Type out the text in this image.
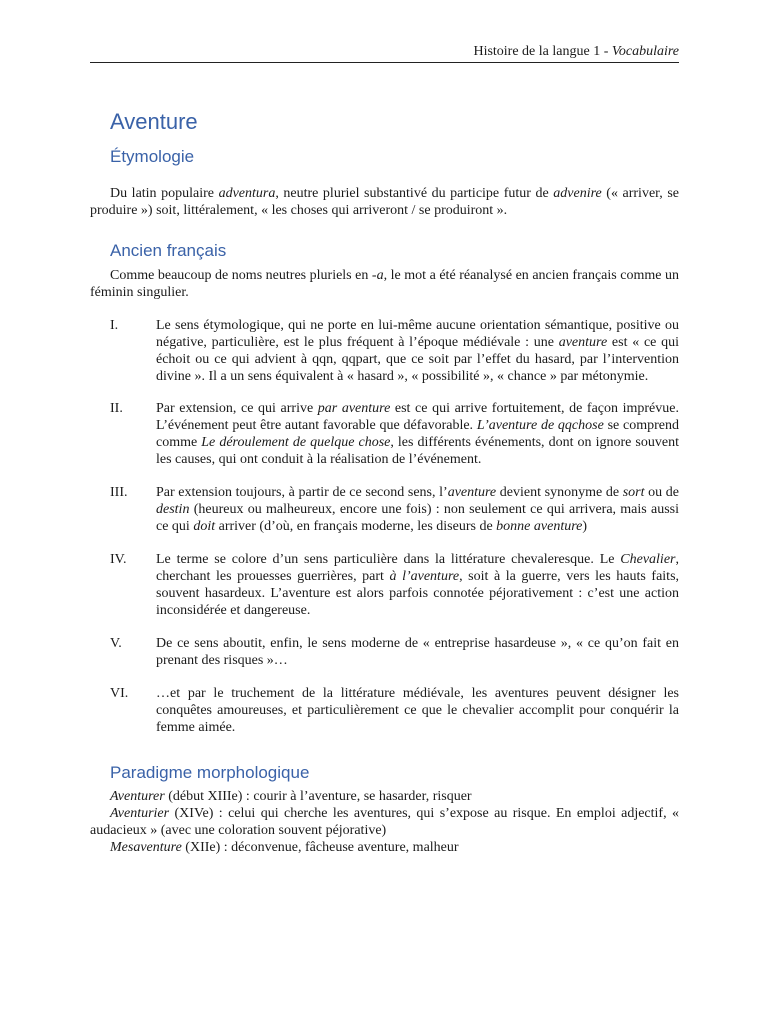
Histoire de la langue 1 - Vocabulaire
Aventure
Étymologie

Du latin populaire adventura, neutre pluriel substantivé du participe futur de advenire (« arriver, se produire ») soit, littéralement, « les choses qui arriveront / se produiront ».

Ancien français

Comme beaucoup de noms neutres pluriels en -a, le mot a été réanalysé en ancien français comme un féminin singulier.

I.	Le sens étymologique, qui ne porte en lui-même aucune orientation sémantique, positive ou négative, particulière, est le plus fréquent à l’époque médiévale : une aventure est « ce qui échoit ou ce qui advient à qqn, qqpart, que ce soit par l’effet du hasard, par l’intervention divine ». Il a un sens équivalent à « hasard », « possibilité », « chance » par métonymie.
II.	Par extension, ce qui arrive par aventure est ce qui arrive fortuitement, de façon imprévue. L’événement peut être autant favorable que défavorable. L’aventure de qqchose se comprend comme Le déroulement de quelque chose, les différents événements, dont on ignore souvent les causes, qui ont conduit à la réalisation de l’événement.
III.	Par extension toujours, à partir de ce second sens, l’aventure devient synonyme de sort ou de destin (heureux ou malheureux, encore une fois) : non seulement ce qui arrivera, mais aussi ce qui doit arriver (d’où, en français moderne, les diseurs de bonne aventure)
IV.	Le terme se colore d’un sens particulière dans la littérature chevaleresque. Le Chevalier, cherchant les prouesses guerrières, part à l’aventure, soit à la guerre, vers les hauts faits, souvent hasardeux. L’aventure est alors parfois connotée péjorativement : c’est une action inconsidérée et dangereuse.
V.	De ce sens aboutit, enfin, le sens moderne de « entreprise hasardeuse », « ce qu’on fait en prenant des risques »…
VI.	…et par le truchement de la littérature médiévale, les aventures peuvent désigner les conquêtes amoureuses, et particulièrement ce que le chevalier accomplit pour conquérir la femme aimée.
Paradigme morphologique

Aventurer (début XIIIe) : courir à l’aventure, se hasarder, risquer

Aventurier (XIVe) : celui qui cherche les aventures, qui s’expose au risque. En emploi adjectif, « audacieux » (avec une coloration souvent péjorative)

Mesaventure (XIIe) : déconvenue, fâcheuse aventure, malheur
